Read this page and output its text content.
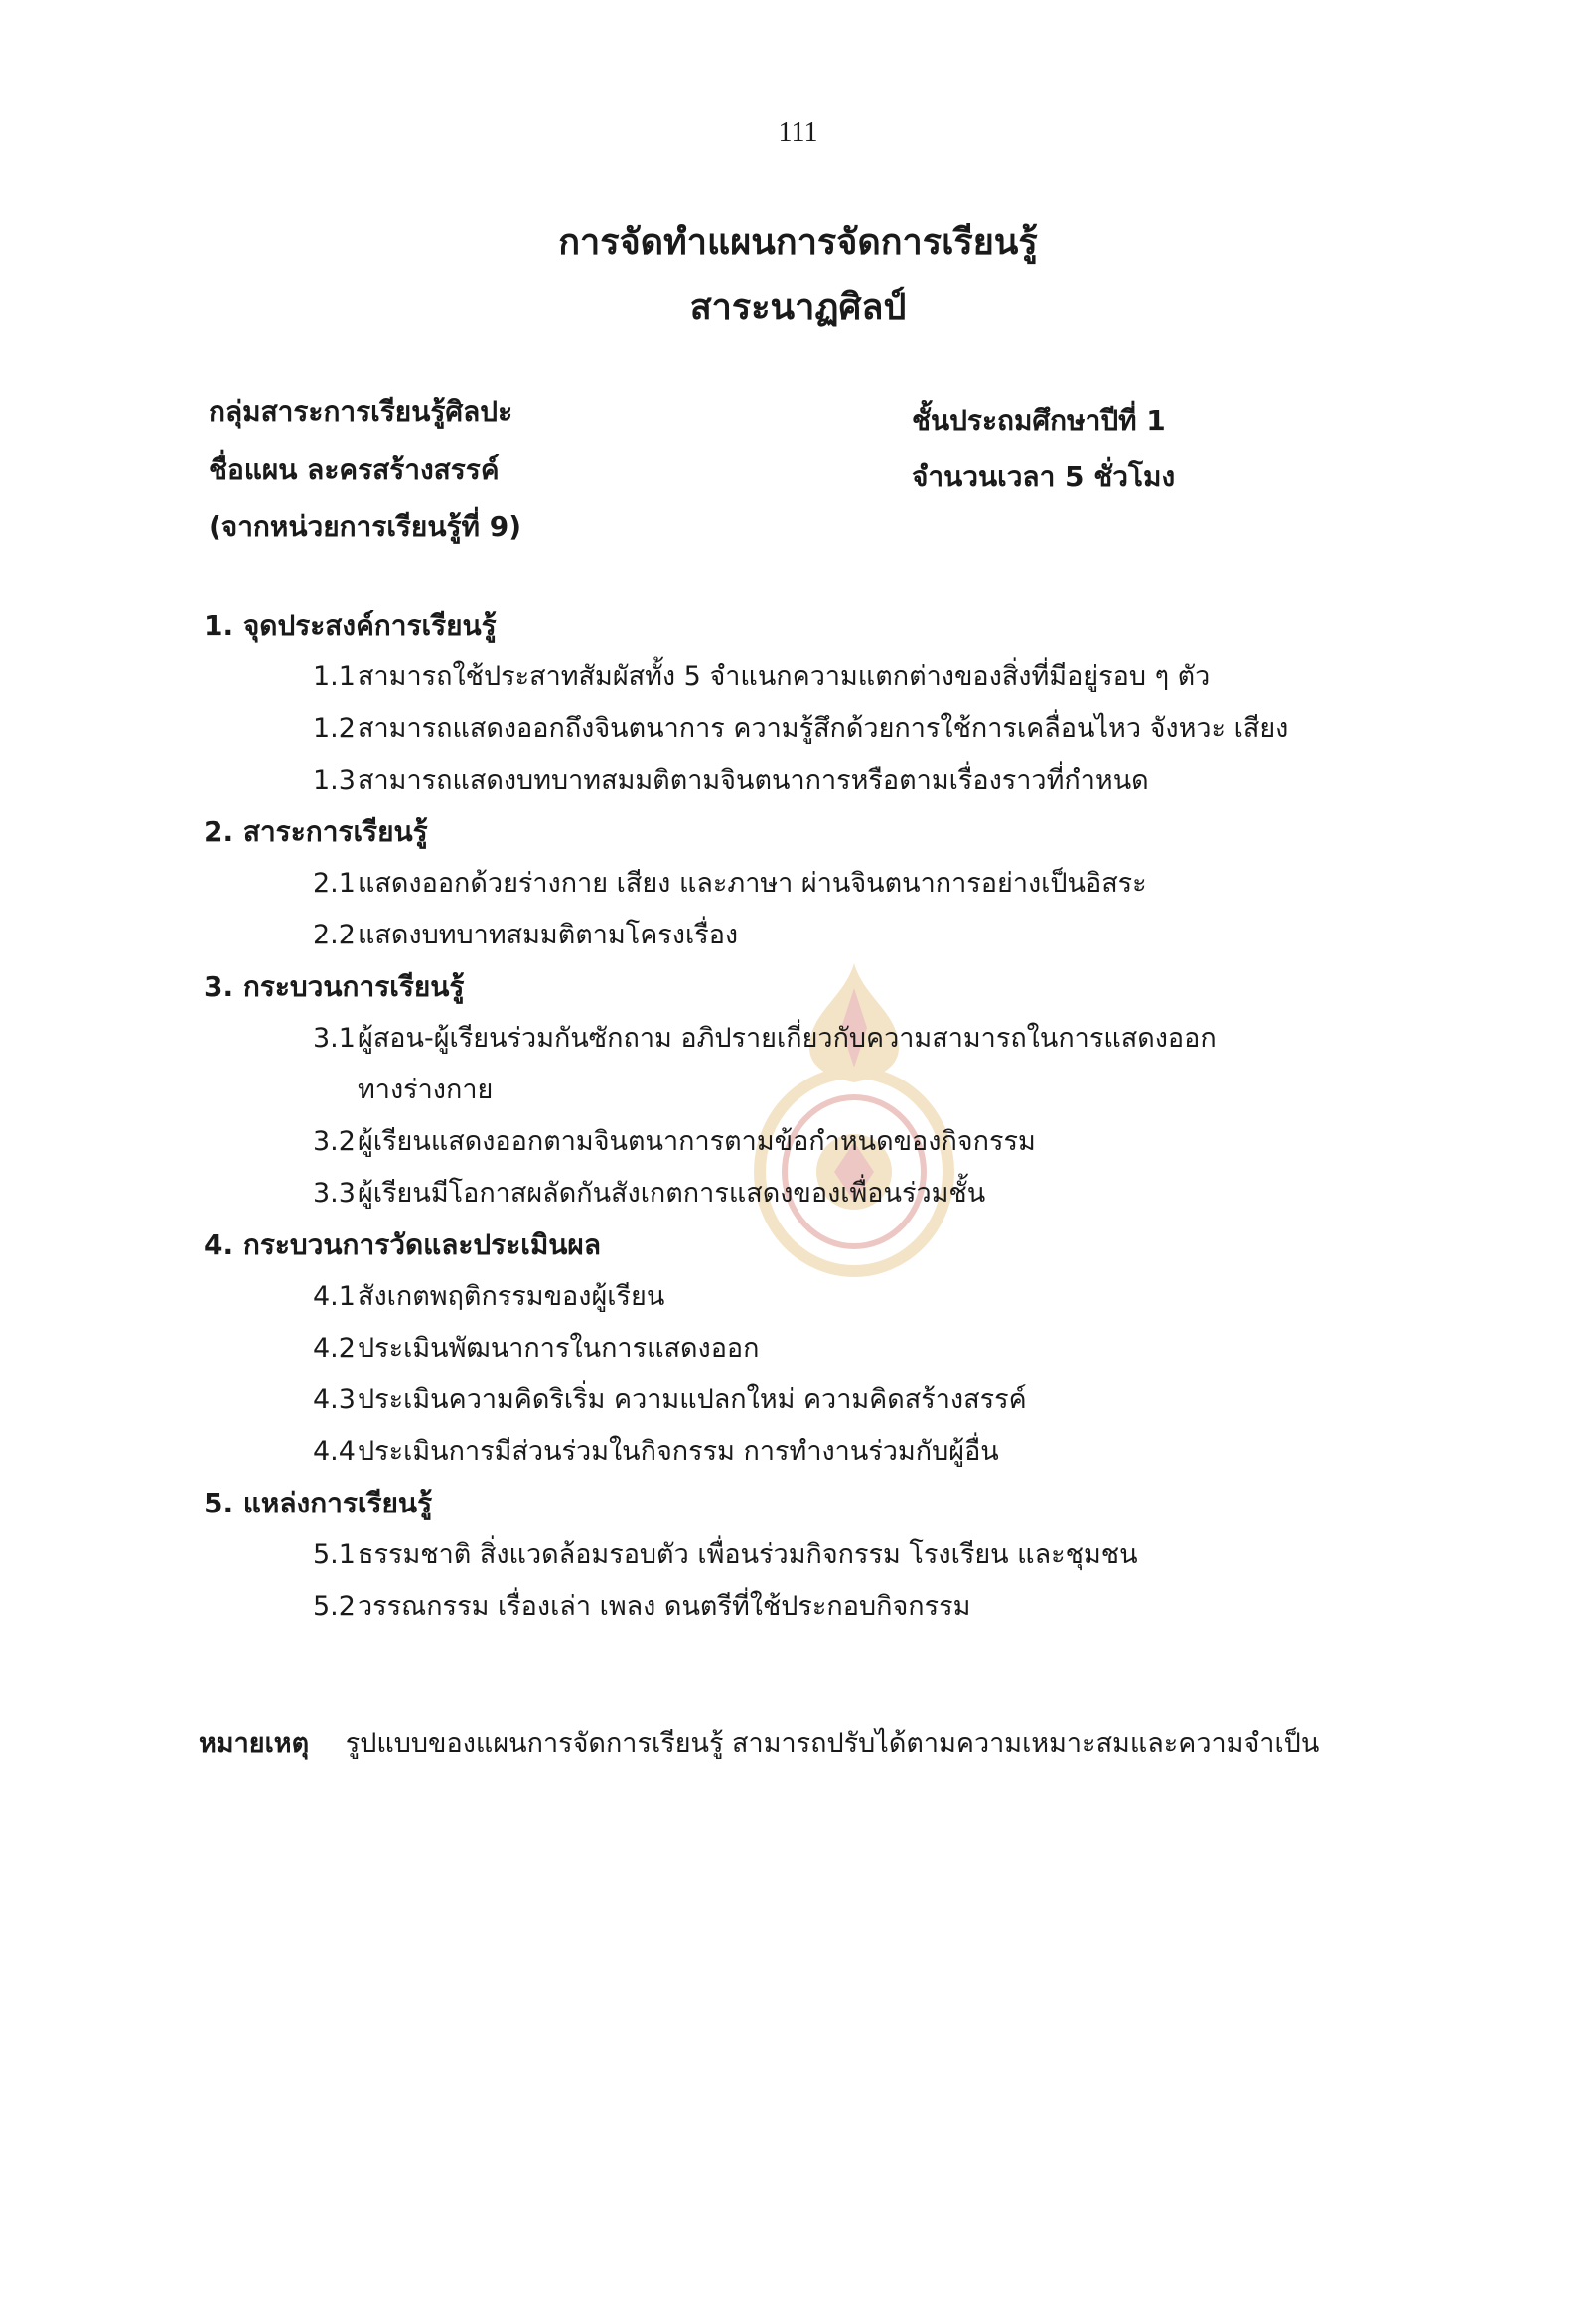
111
การจัดทำแผนการจัดการเรียนรู้
สาระนาฏศิลป์
กลุ่มสาระการเรียนรู้ศิลปะ
ชื่อแผน ละครสร้างสรรค์
(จากหน่วยการเรียนรู้ที่ 9)
ชั้นประถมศึกษาปีที่ 1
จำนวนเวลา 5 ชั่วโมง
1. จุดประสงค์การเรียนรู้
1.1 สามารถใช้ประสาทสัมผัสทั้ง 5 จำแนกความแตกต่างของสิ่งที่มีอยู่รอบ ๆ ตัว
1.2 สามารถแสดงออกถึงจินตนาการ ความรู้สึกด้วยการใช้การเคลื่อนไหว จังหวะ เสียง
1.3 สามารถแสดงบทบาทสมมติตามจินตนาการหรือตามเรื่องราวที่กำหนด
2. สาระการเรียนรู้
2.1 แสดงออกด้วยร่างกาย เสียง และภาษา ผ่านจินตนาการอย่างเป็นอิสระ
2.2 แสดงบทบาทสมมติตามโครงเรื่อง
3. กระบวนการเรียนรู้
3.1 ผู้สอน-ผู้เรียนร่วมกันซักถาม อภิปรายเกี่ยวกับความสามารถในการแสดงออก
ทางร่างกาย
3.2 ผู้เรียนแสดงออกตามจินตนาการตามข้อกำหนดของกิจกรรม
3.3 ผู้เรียนมีโอกาสผลัดกันสังเกตการแสดงของเพื่อนร่วมชั้น
4. กระบวนการวัดและประเมินผล
4.1 สังเกตพฤติกรรมของผู้เรียน
4.2 ประเมินพัฒนาการในการแสดงออก
4.3 ประเมินความคิดริเริ่ม ความแปลกใหม่ ความคิดสร้างสรรค์
4.4 ประเมินการมีส่วนร่วมในกิจกรรม การทำงานร่วมกับผู้อื่น
5. แหล่งการเรียนรู้
5.1 ธรรมชาติ สิ่งแวดล้อมรอบตัว เพื่อนร่วมกิจกรรม โรงเรียน และชุมชน
5.2 วรรณกรรม เรื่องเล่า เพลง ดนตรีที่ใช้ประกอบกิจกรรม
หมายเหตุ รูปแบบของแผนการจัดการเรียนรู้ สามารถปรับได้ตามความเหมาะสมและความจำเป็น
